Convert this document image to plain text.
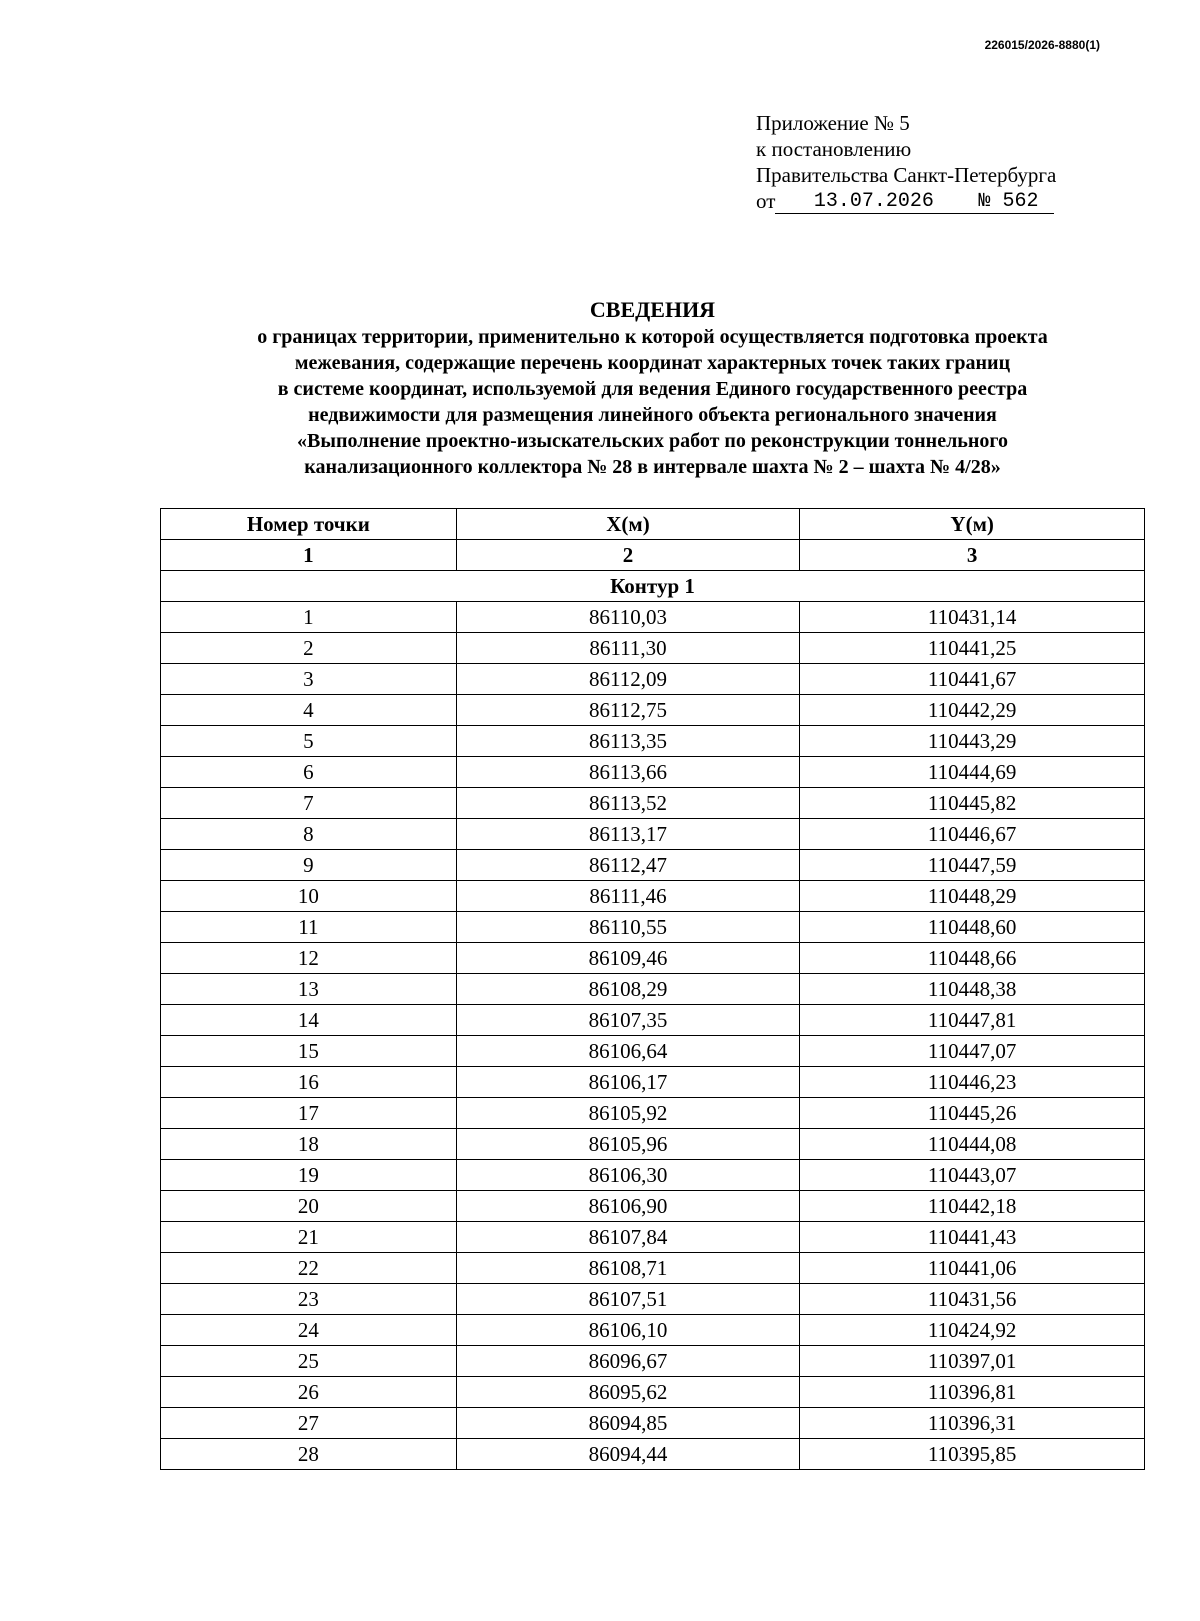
226015/2026-8880(1)
Приложение № 5
к постановлению
Правительства Санкт-Петербурга
от	13.07.2026	№ 562
СВЕДЕНИЯ
о границах территории, применительно к которой осуществляется подготовка проекта
межевания, содержащие перечень координат характерных точек таких границ
в системе координат, используемой для ведения Единого государственного реестра
недвижимости для размещения линейного объекта регионального значения
«Выполнение проектно-изыскательских работ по реконструкции тоннельного
канализационного коллектора № 28 в интервале шахта № 2 – шахта № 4/28»
Номер точки	X(м)	Y(м)
1	2	3
Контур 1		
1	86110,03	110431,14
2	86111,30	110441,25
3	86112,09	110441,67
4	86112,75	110442,29
5	86113,35	110443,29
6	86113,66	110444,69
7	86113,52	110445,82
8	86113,17	110446,67
9	86112,47	110447,59
10	86111,46	110448,29
11	86110,55	110448,60
12	86109,46	110448,66
13	86108,29	110448,38
14	86107,35	110447,81
15	86106,64	110447,07
16	86106,17	110446,23
17	86105,92	110445,26
18	86105,96	110444,08
19	86106,30	110443,07
20	86106,90	110442,18
21	86107,84	110441,43
22	86108,71	110441,06
23	86107,51	110431,56
24	86106,10	110424,92
25	86096,67	110397,01
26	86095,62	110396,81
27	86094,85	110396,31
28	86094,44	110395,85
